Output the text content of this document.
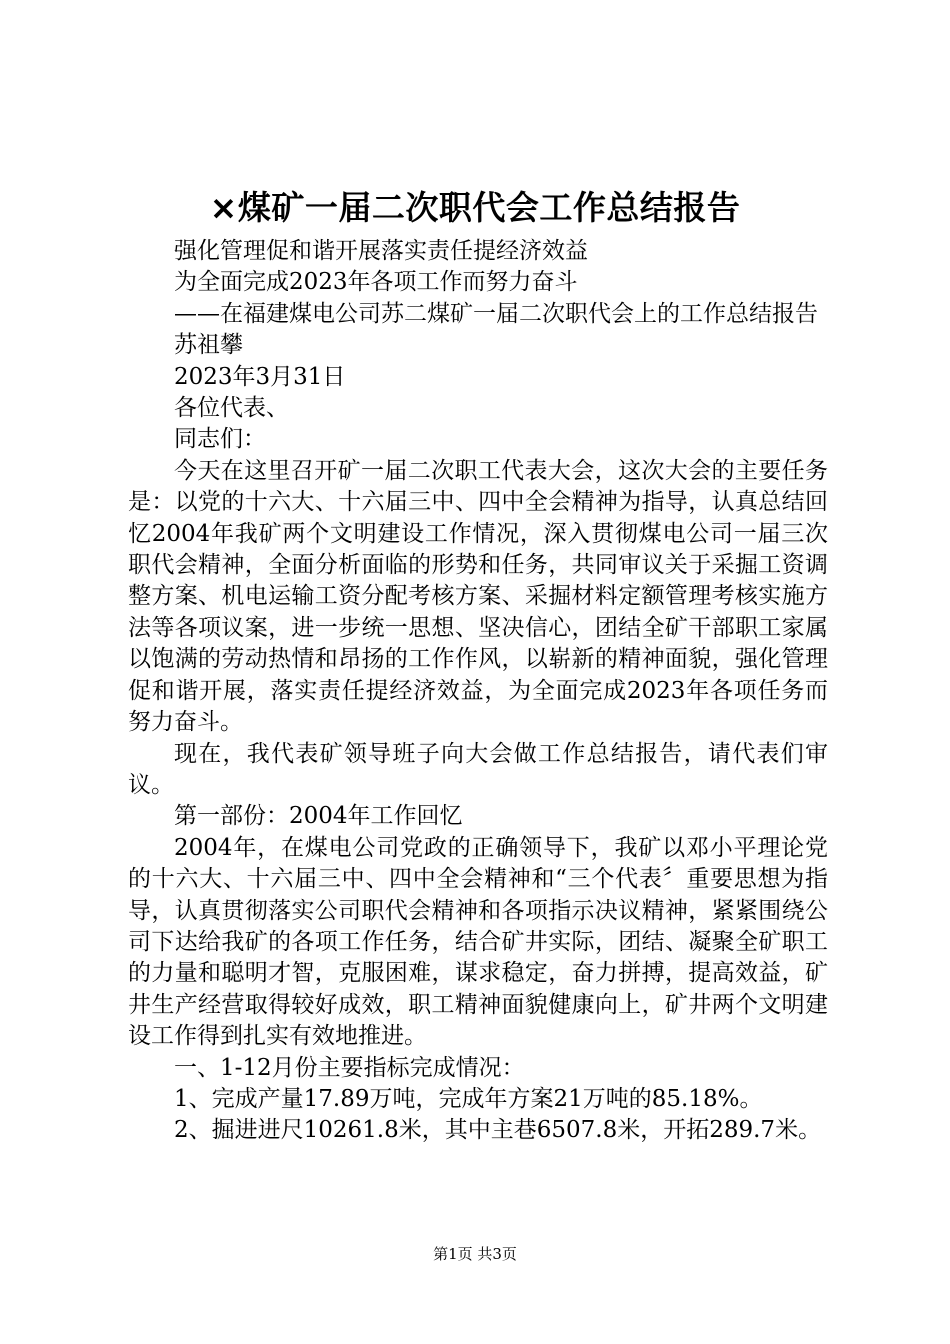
×煤矿一届二次职代会工作总结报告

强化管理促和谐开展落实责任提经济效益

为全面完成2023年各项工作而努力奋斗

——在福建煤电公司苏二煤矿一届二次职代会上的工作总结报告

苏祖攀

2023年3月31日

各位代表、

同志们：

今天在这里召开矿一届二次职工代表大会，这次大会的主要任务是：以党的十六大、十六届三中、四中全会精神为指导，认真总结回忆2004年我矿两个文明建设工作情况，深入贯彻煤电公司一届三次职代会精神，全面分析面临的形势和任务，共同审议关于采掘工资调整方案、机电运输工资分配考核方案、采掘材料定额管理考核实施方法等各项议案，进一步统一思想、坚决信心，团结全矿干部职工家属以饱满的劳动热情和昂扬的工作作风，以崭新的精神面貌，强化管理促和谐开展，落实责任提经济效益，为全面完成2023年各项任务而努力奋斗。

现在，我代表矿领导班子向大会做工作总结报告，请代表们审议。

第一部份：2004年工作回忆

2004年，在煤电公司党政的正确领导下，我矿以邓小平理论党的十六大、十六届三中、四中全会精神和“三个代表〞重要思想为指导，认真贯彻落实公司职代会精神和各项指示决议精神，紧紧围绕公司下达给我矿的各项工作任务，结合矿井实际，团结、凝聚全矿职工的力量和聪明才智，克服困难，谋求稳定，奋力拼搏，提高效益，矿井生产经营取得较好成效，职工精神面貌健康向上，矿井两个文明建设工作得到扎实有效地推进。

一、1-12月份主要指标完成情况：

1、完成产量17.89万吨，完成年方案21万吨的85.18%。

2、掘进进尺10261.8米，其中主巷6507.8米，开拓289.7米。

第1页 共3页
